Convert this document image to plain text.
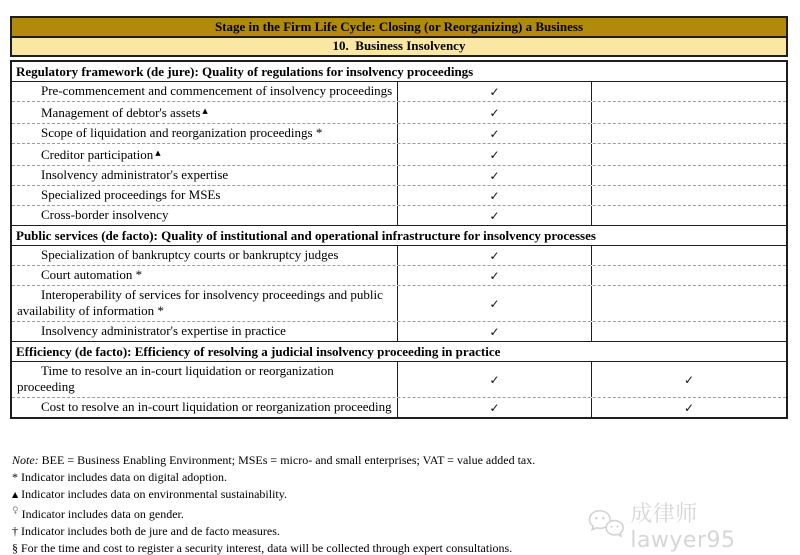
Stage in the Firm Life Cycle: Closing (or Reorganizing) a Business
10.  Business Insolvency
Regulatory framework (de jure): Quality of regulations for insolvency proceedings
Pre-commencement and commencement of insolvency proceedings	✓
Management of debtor's assets ▲	✓
Scope of liquidation and reorganization proceedings *	✓
Creditor participation ▲	✓
Insolvency administrator's expertise	✓
Specialized proceedings for MSEs	✓
Cross-border insolvency	✓
Public services (de facto): Quality of institutional and operational infrastructure for insolvency processes
Specialization of bankruptcy courts or bankruptcy judges	✓
Court automation *	✓
Interoperability of services for insolvency proceedings and public availability of information *	✓
Insolvency administrator's expertise in practice	✓
Efficiency (de facto): Efficiency of resolving a judicial insolvency proceeding in practice
Time to resolve an in-court liquidation or reorganization proceeding	✓	✓
Cost to resolve an in-court liquidation or reorganization proceeding	✓	✓
Note: BEE = Business Enabling Environment; MSEs = micro- and small enterprises; VAT = value added tax.
* Indicator includes data on digital adoption.
▲ Indicator includes data on environmental sustainability.
♀ Indicator includes data on gender.
† Indicator includes both de jure and de facto measures.
§ For the time and cost to register a security interest, data will be collected through expert consultations.
成律师lawyer95
